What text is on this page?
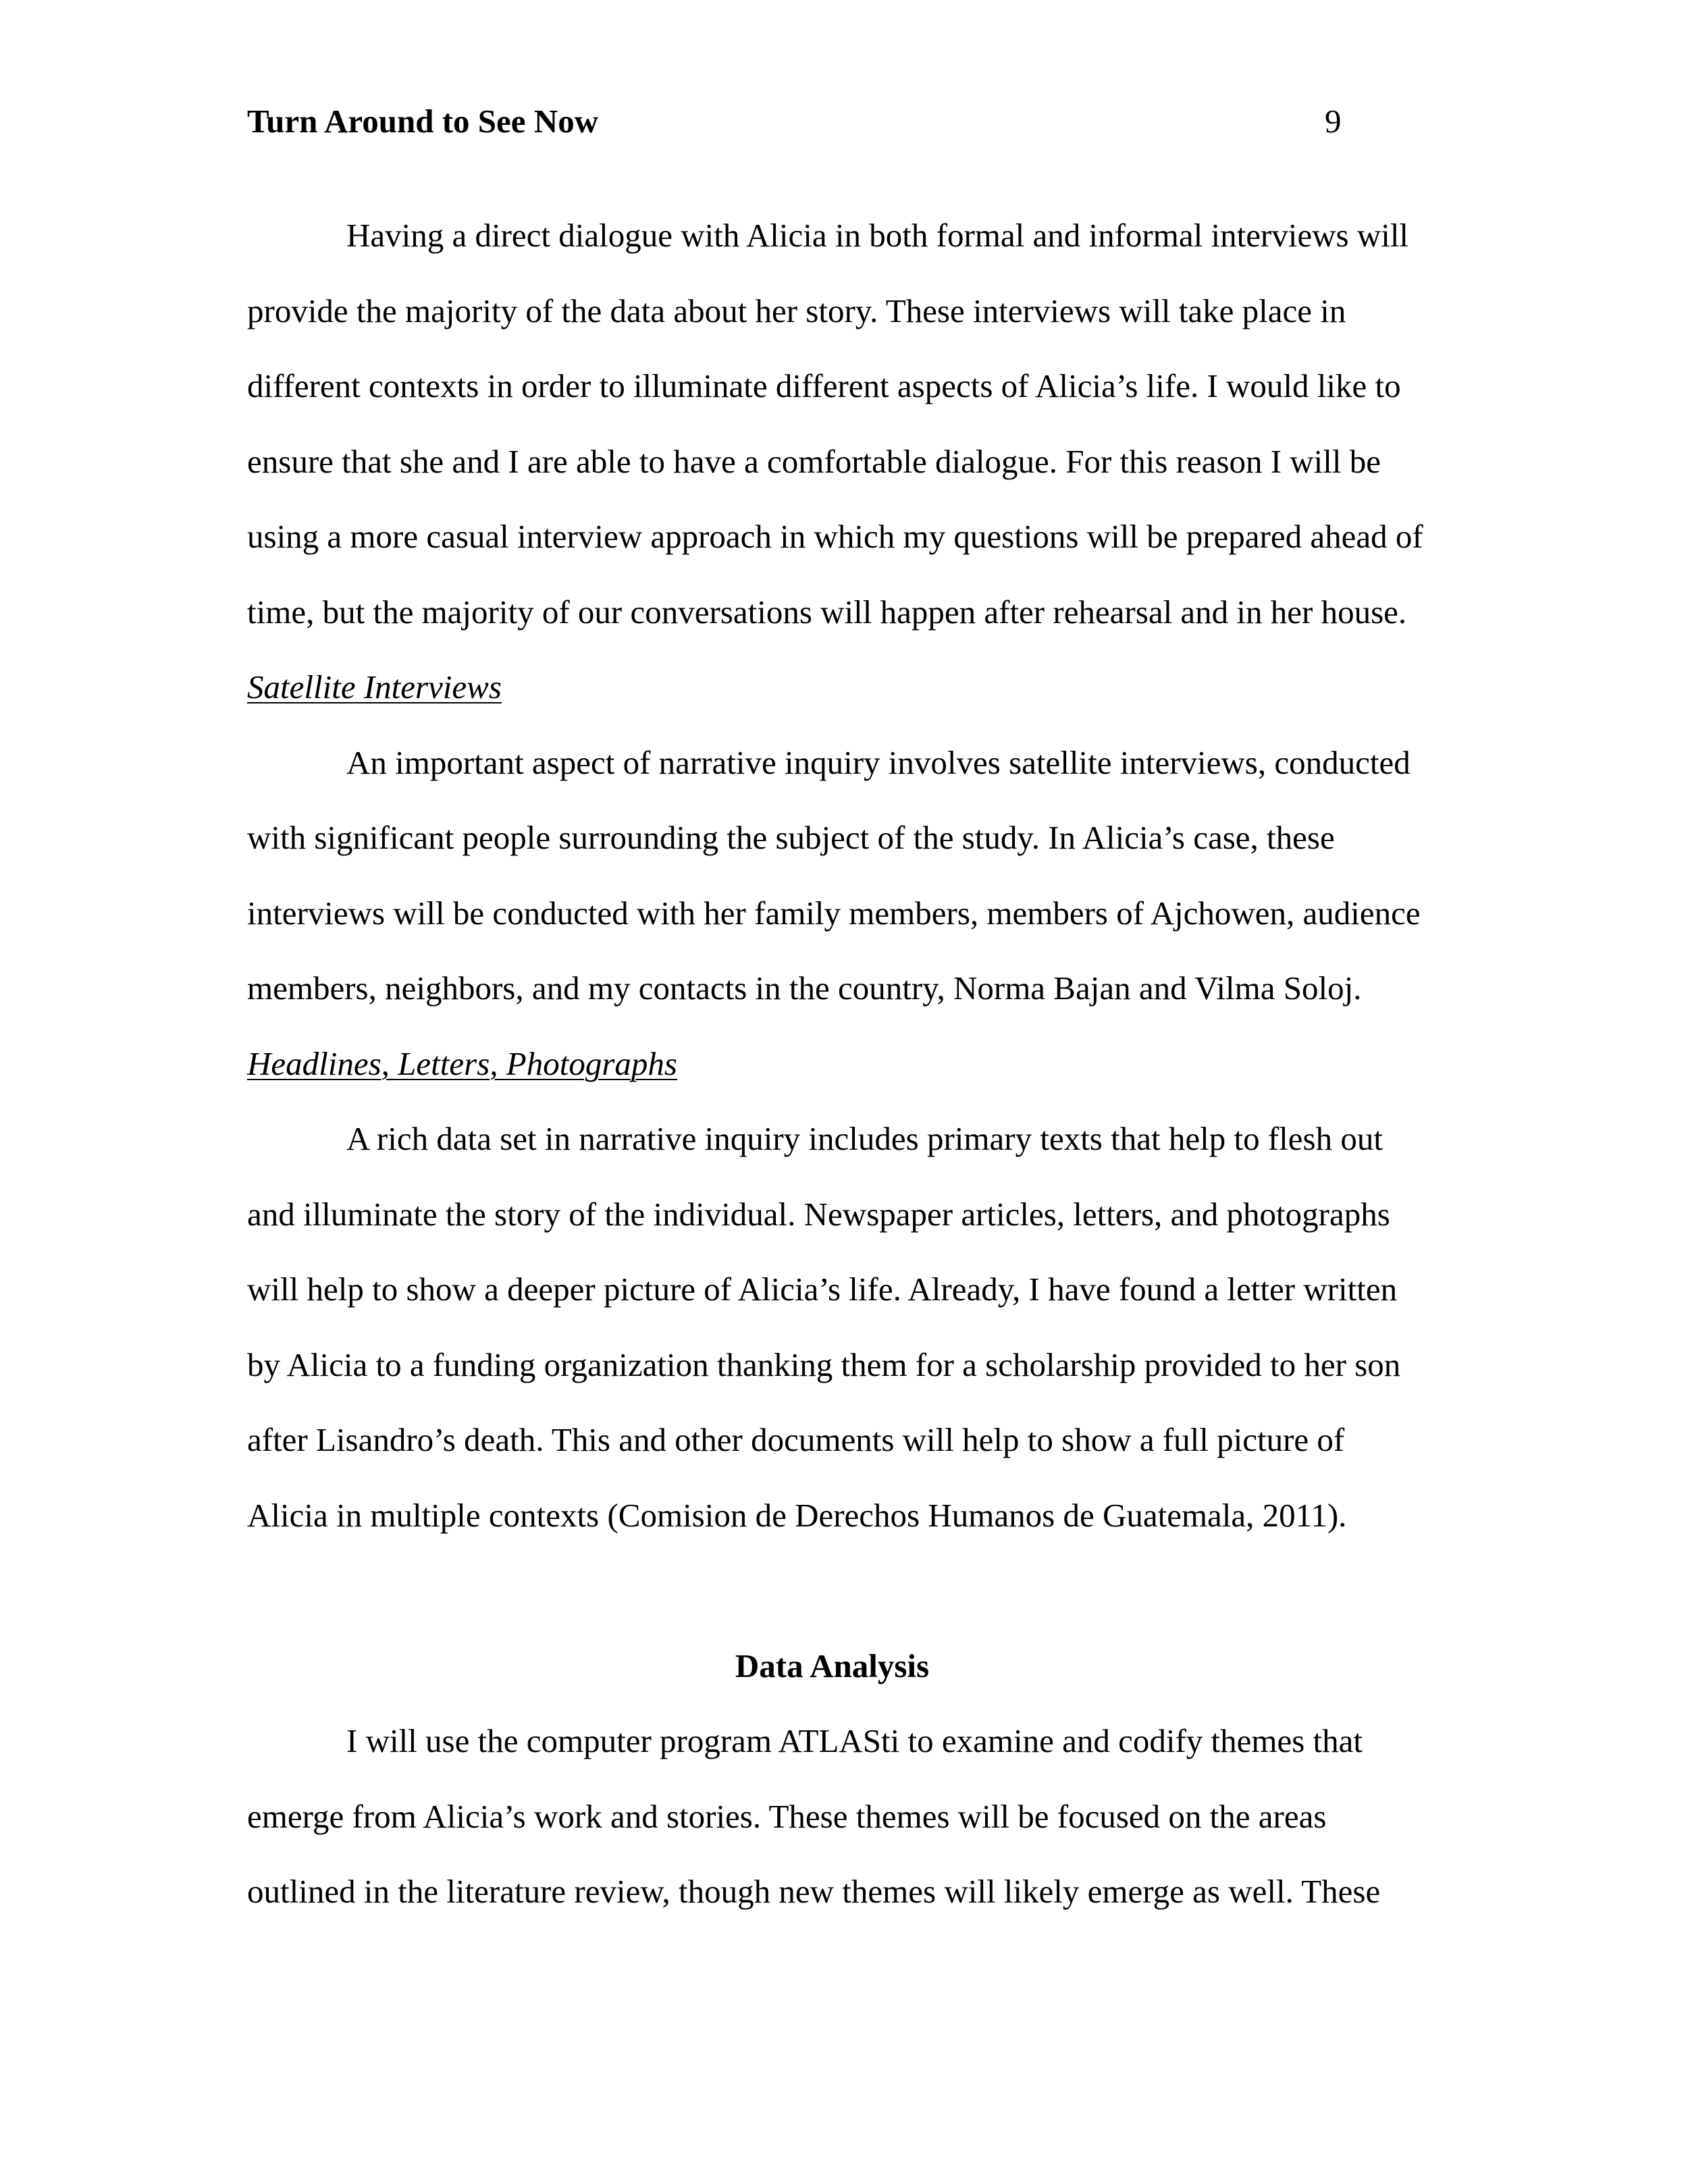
Turn Around to See Now	9
Having a direct dialogue with Alicia in both formal and informal interviews will
provide the majority of the data about her story. These interviews will take place in
different contexts in order to illuminate different aspects of Alicia’s life. I would like to
ensure that she and I are able to have a comfortable dialogue. For this reason I will be
using a more casual interview approach in which my questions will be prepared ahead of
time, but the majority of our conversations will happen after rehearsal and in her house.
Satellite Interviews
An important aspect of narrative inquiry involves satellite interviews, conducted
with significant people surrounding the subject of the study. In Alicia’s case, these
interviews will be conducted with her family members, members of Ajchowen, audience
members, neighbors, and my contacts in the country, Norma Bajan and Vilma Soloj.
Headlines, Letters, Photographs
A rich data set in narrative inquiry includes primary texts that help to flesh out
and illuminate the story of the individual. Newspaper articles, letters, and photographs
will help to show a deeper picture of Alicia’s life. Already, I have found a letter written
by Alicia to a funding organization thanking them for a scholarship provided to her son
after Lisandro’s death. This and other documents will help to show a full picture of
Alicia in multiple contexts (Comision de Derechos Humanos de Guatemala, 2011).
Data Analysis
I will use the computer program ATLASti to examine and codify themes that
emerge from Alicia’s work and stories. These themes will be focused on the areas
outlined in the literature review, though new themes will likely emerge as well. These
